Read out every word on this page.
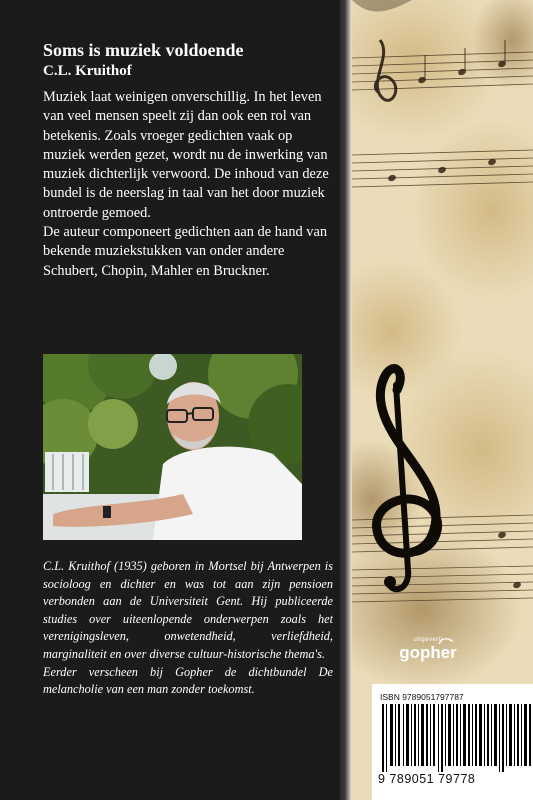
Soms is muziek voldoende
C.L. Kruithof

Muziek laat weinigen onverschillig. In het leven van veel mensen speelt zij dan ook een rol van betekenis. Zoals vroeger gedichten vaak op muziek werden gezet, wordt nu de inwerking van muziek dichterlijk verwoord. De inhoud van deze bundel is de neerslag in taal van het door muziek ontroerde gemoed.

De auteur componeert gedichten aan de hand van bekende muziekstukken van onder andere Schubert, Chopin, Mahler en Bruckner.

C.L. Kruithof (1935) geboren in Mortsel bij Antwerpen is socioloog en dichter en was tot aan zijn pensioen verbonden aan de Universiteit Gent. Hij publiceerde studies over uiteenlopende onderwerpen zoals het verenigingsleven, onwetendheid, verliefdheid, marginaliteit en over diverse cultuur-historische thema's.

Eerder verscheen bij Gopher de dichtbundel De melancholie van een man zonder toekomst.

uitgeverij
gopher
ISBN 9789051797787
9 789051 79778
